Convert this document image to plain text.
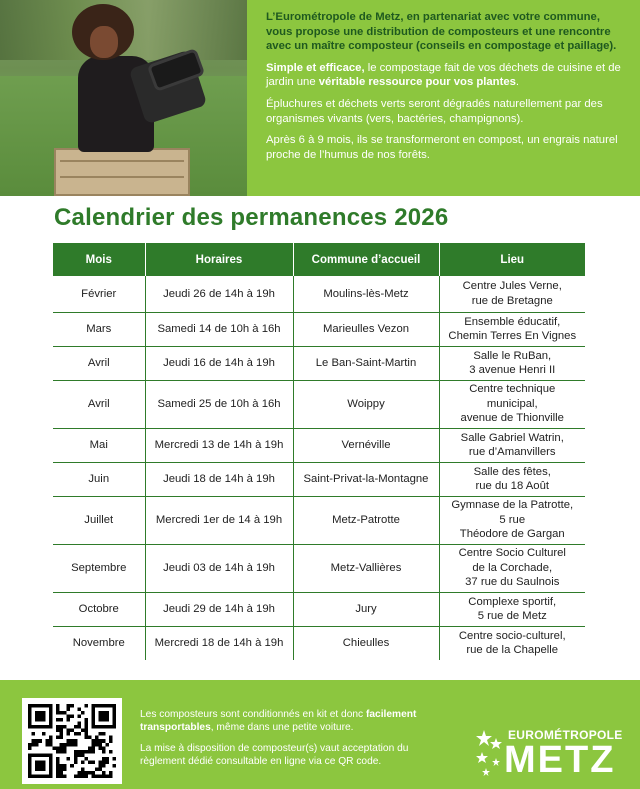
L’Eurométropole de Metz, en partenariat avec votre commune, vous propose une distribution de composteurs et une rencontre avec un maître composteur (conseils en compostage et paillage).

Simple et efficace, le compostage fait de vos déchets de cuisine et de jardin une véritable ressource pour vos plantes.

Épluchures et déchets verts seront dégradés naturellement par des organismes vivants (vers, bactéries, champignons).

Après 6 à 9 mois, ils se transformeront en compost, un engrais naturel proche de l’humus de nos forêts.

Calendrier des permanences 2026
Mois	Horaires	Commune d’accueil	Lieu
Février	Jeudi 26 de 14h à 19h	Moulins-lès-Metz	Centre Jules Verne,
rue de Bretagne

Mars	Samedi 14 de 10h à 16h	Marieulles Vezon	Ensemble éducatif,
Chemin Terres En Vignes

Avril	Jeudi 16 de 14h à 19h	Le Ban-Saint-Martin	Salle le RuBan,
3 avenue Henri II

Avril	Samedi 25 de 10h à 16h	Woippy	Centre technique
municipal,
avenue de Thionville

Mai	Mercredi 13 de 14h à 19h	Vernéville	Salle Gabriel Watrin,
rue d’Amanvillers

Juin	Jeudi 18 de 14h à 19h	Saint-Privat-la-Montagne	Salle des fêtes,
rue du 18 Août

Juillet	Mercredi 1er de 14 à 19h	Metz-Patrotte	Gymnase de la Patrotte,
5 rue
Théodore de Gargan

Septembre	Jeudi 03 de 14h à 19h	Metz-Vallières	Centre Socio Culturel
de la Corchade,
37 rue du Saulnois

Octobre	Jeudi 29 de 14h à 19h	Jury	Complexe sportif,
5 rue de Metz

Novembre	Mercredi 18 de 14h à 19h	Chieulles	Centre socio-culturel,
rue de la Chapelle

Les composteurs sont conditionnés en kit et donc facilement transportables, même dans une petite voiture.

La mise à disposition de composteur(s) vaut acceptation du règlement dédié consultable en ligne via ce QR code.

EUROMÉTROPOLE
METZ
